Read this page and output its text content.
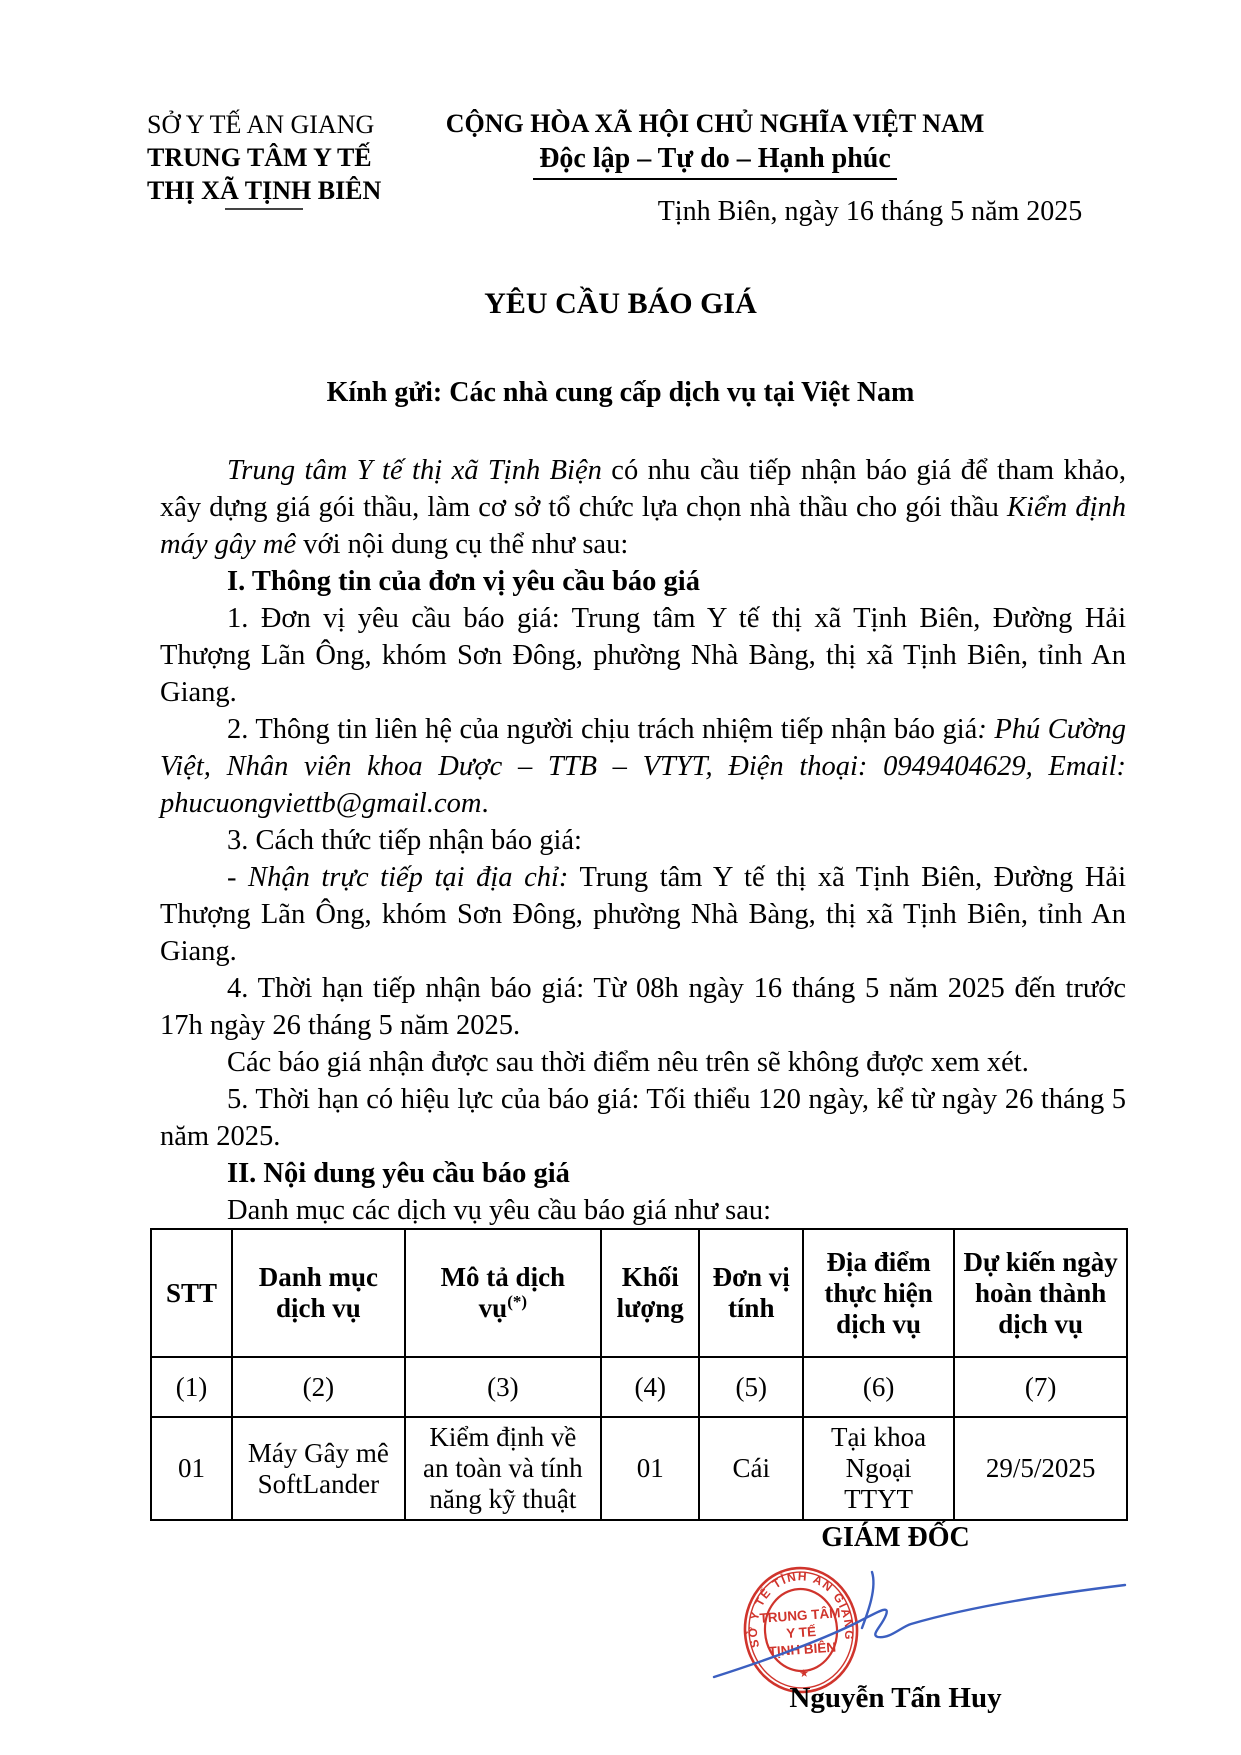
SỞ Y TẾ AN GIANG
TRUNG TÂM Y TẾ
THỊ XÃ TỊNH BIÊN
CỘNG HÒA XÃ HỘI CHỦ NGHĨA VIỆT NAM
Độc lập – Tự do – Hạnh phúc
Tịnh Biên, ngày 16 tháng 5 năm 2025
YÊU CẦU BÁO GIÁ
Kính gửi: Các nhà cung cấp dịch vụ tại Việt Nam

Trung tâm Y tế thị xã Tịnh Biện có nhu cầu tiếp nhận báo giá để tham khảo, xây dựng giá gói thầu, làm cơ sở tổ chức lựa chọn nhà thầu cho gói thầu Kiểm định máy gây mê với nội dung cụ thể như sau:

I. Thông tin của đơn vị yêu cầu báo giá

1. Đơn vị yêu cầu báo giá: Trung tâm Y tế thị xã Tịnh Biên, Đường Hải Thượng Lãn Ông, khóm Sơn Đông, phường Nhà Bàng, thị xã Tịnh Biên, tỉnh An Giang.

2. Thông tin liên hệ của người chịu trách nhiệm tiếp nhận báo giá: Phú Cường Việt, Nhân viên khoa Dược – TTB – VTYT, Điện thoại: 0949404629, Email: phucuongviettb@gmail.com.

3. Cách thức tiếp nhận báo giá:

- Nhận trực tiếp tại địa chỉ: Trung tâm Y tế thị xã Tịnh Biên, Đường Hải Thượng Lãn Ông, khóm Sơn Đông, phường Nhà Bàng, thị xã Tịnh Biên, tỉnh An Giang.

4. Thời hạn tiếp nhận báo giá: Từ 08h ngày 16 tháng 5 năm 2025 đến trước 17h ngày 26 tháng 5 năm 2025.

Các báo giá nhận được sau thời điểm nêu trên sẽ không được xem xét.

5. Thời hạn có hiệu lực của báo giá: Tối thiểu 120 ngày, kể từ ngày 26 tháng 5 năm 2025.

II. Nội dung yêu cầu báo giá

Danh mục các dịch vụ yêu cầu báo giá như sau:

STT	Danh mục dịch vụ	Mô tả dịch vụ(*)	Khối lượng	Đơn vị tính	Địa điểm thực hiện dịch vụ	Dự kiến ngày hoàn thành dịch vụ
(1)	(2)	(3)	(4)	(5)	(6)	(7)
01	Máy Gây mê SoftLander	Kiểm định về an toàn và tính năng kỹ thuật	01	Cái	Tại khoa Ngoại TTYT	29/5/2025
GIÁM ĐỐC
SỞ Y TẾ TỈNH AN GIANG
TRUNG TÂM
Y TẾ
TỊNH BIÊN
★
Nguyễn Tấn Huy
